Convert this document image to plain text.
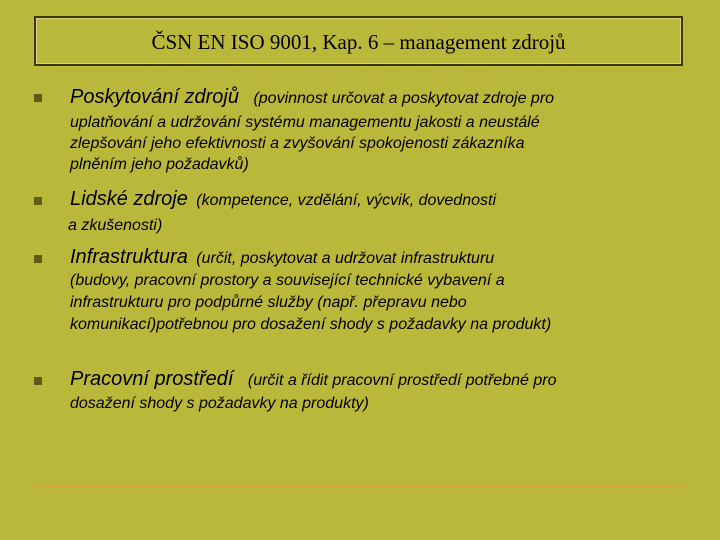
ČSN EN ISO 9001, Kap. 6 – management zdrojů
Poskytování zdrojů (povinnost určovat a poskytovat zdroje pro
uplatňování a udržování systému managementu jakosti a neustálé
zlepšování jeho efektivnosti a zvyšování spokojenosti zákazníka
plněním jeho požadavků)
Lidské zdroje (kompetence, vzdělání, výcvik, dovednosti
a zkušenosti)
Infrastruktura (určit, poskytovat a udržovat infrastrukturu
(budovy, pracovní prostory a související technické vybavení a
infrastrukturu pro podpůrné služby (např. přepravu nebo
komunikací)potřebnou pro dosažení shody s požadavky na produkt)
Pracovní prostředí (určit a řídit pracovní prostředí potřebné pro
dosažení shody s požadavky na produkty)
